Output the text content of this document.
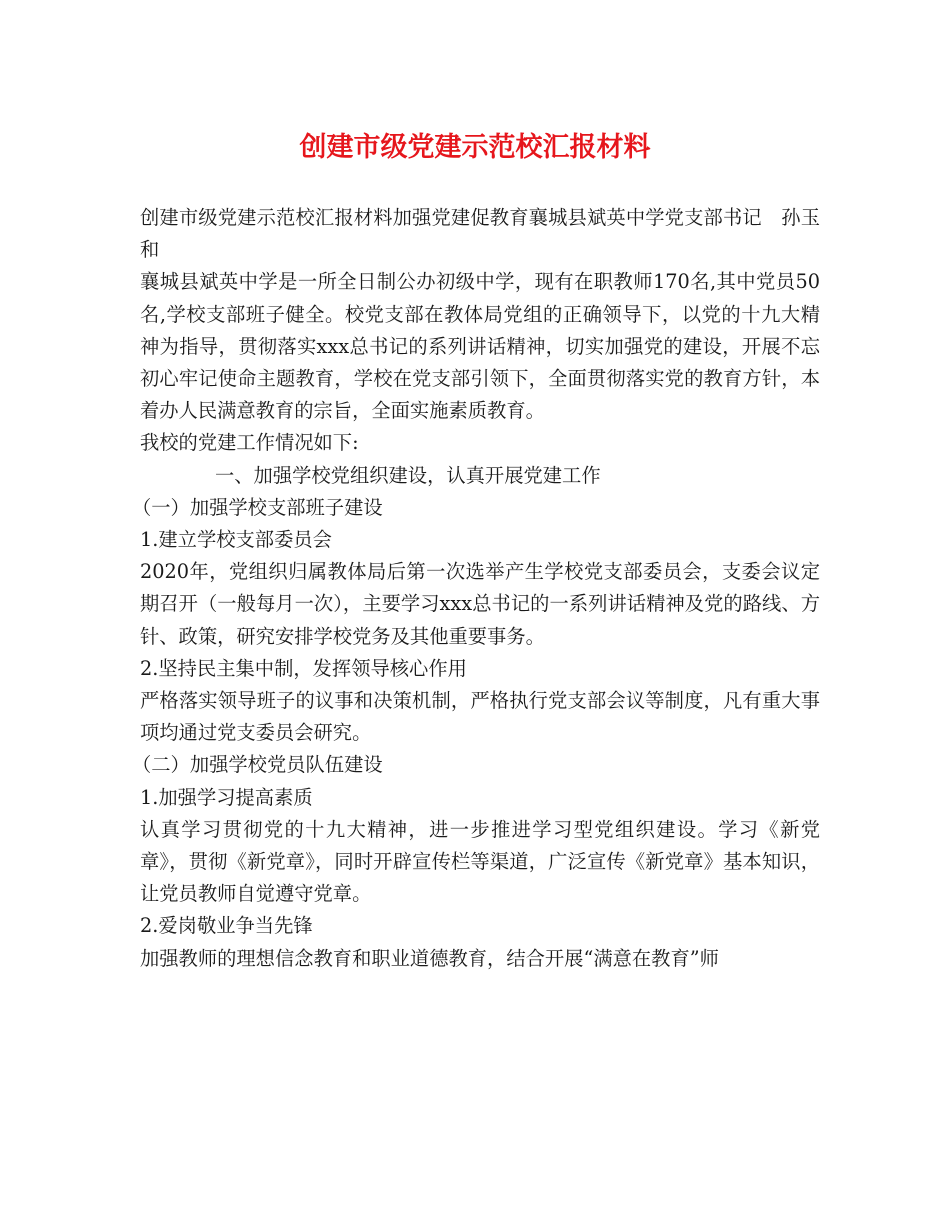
创建市级党建示范校汇报材料

创建市级党建示范校汇报材料加强党建促教育襄城县斌英中学党支部书记　孙玉和

襄城县斌英中学是一所全日制公办初级中学，现有在职教师170名,其中党员50名,学校支部班子健全。校党支部在教体局党组的正确领导下，以党的十九大精神为指导，贯彻落实xxx总书记的系列讲话精神，切实加强党的建设，开展不忘初心牢记使命主题教育，学校在党支部引领下，全面贯彻落实党的教育方针，本着办人民满意教育的宗旨，全面实施素质教育。

我校的党建工作情况如下:

一、加强学校党组织建设，认真开展党建工作

（一）加强学校支部班子建设

1.建立学校支部委员会

2020年，党组织归属教体局后第一次选举产生学校党支部委员会，支委会议定期召开（一般每月一次），主要学习xxx总书记的一系列讲话精神及党的路线、方针、政策，研究安排学校党务及其他重要事务。

2.坚持民主集中制，发挥领导核心作用

严格落实领导班子的议事和决策机制，严格执行党支部会议等制度，凡有重大事项均通过党支委员会研究。

（二）加强学校党员队伍建设

1.加强学习提高素质

认真学习贯彻党的十九大精神，进一步推进学习型党组织建设。学习《新党章》，贯彻《新党章》，同时开辟宣传栏等渠道，广泛宣传《新党章》基本知识，让党员教师自觉遵守党章。

2.爱岗敬业争当先锋

加强教师的理想信念教育和职业道德教育，结合开展“满意在教育”师
